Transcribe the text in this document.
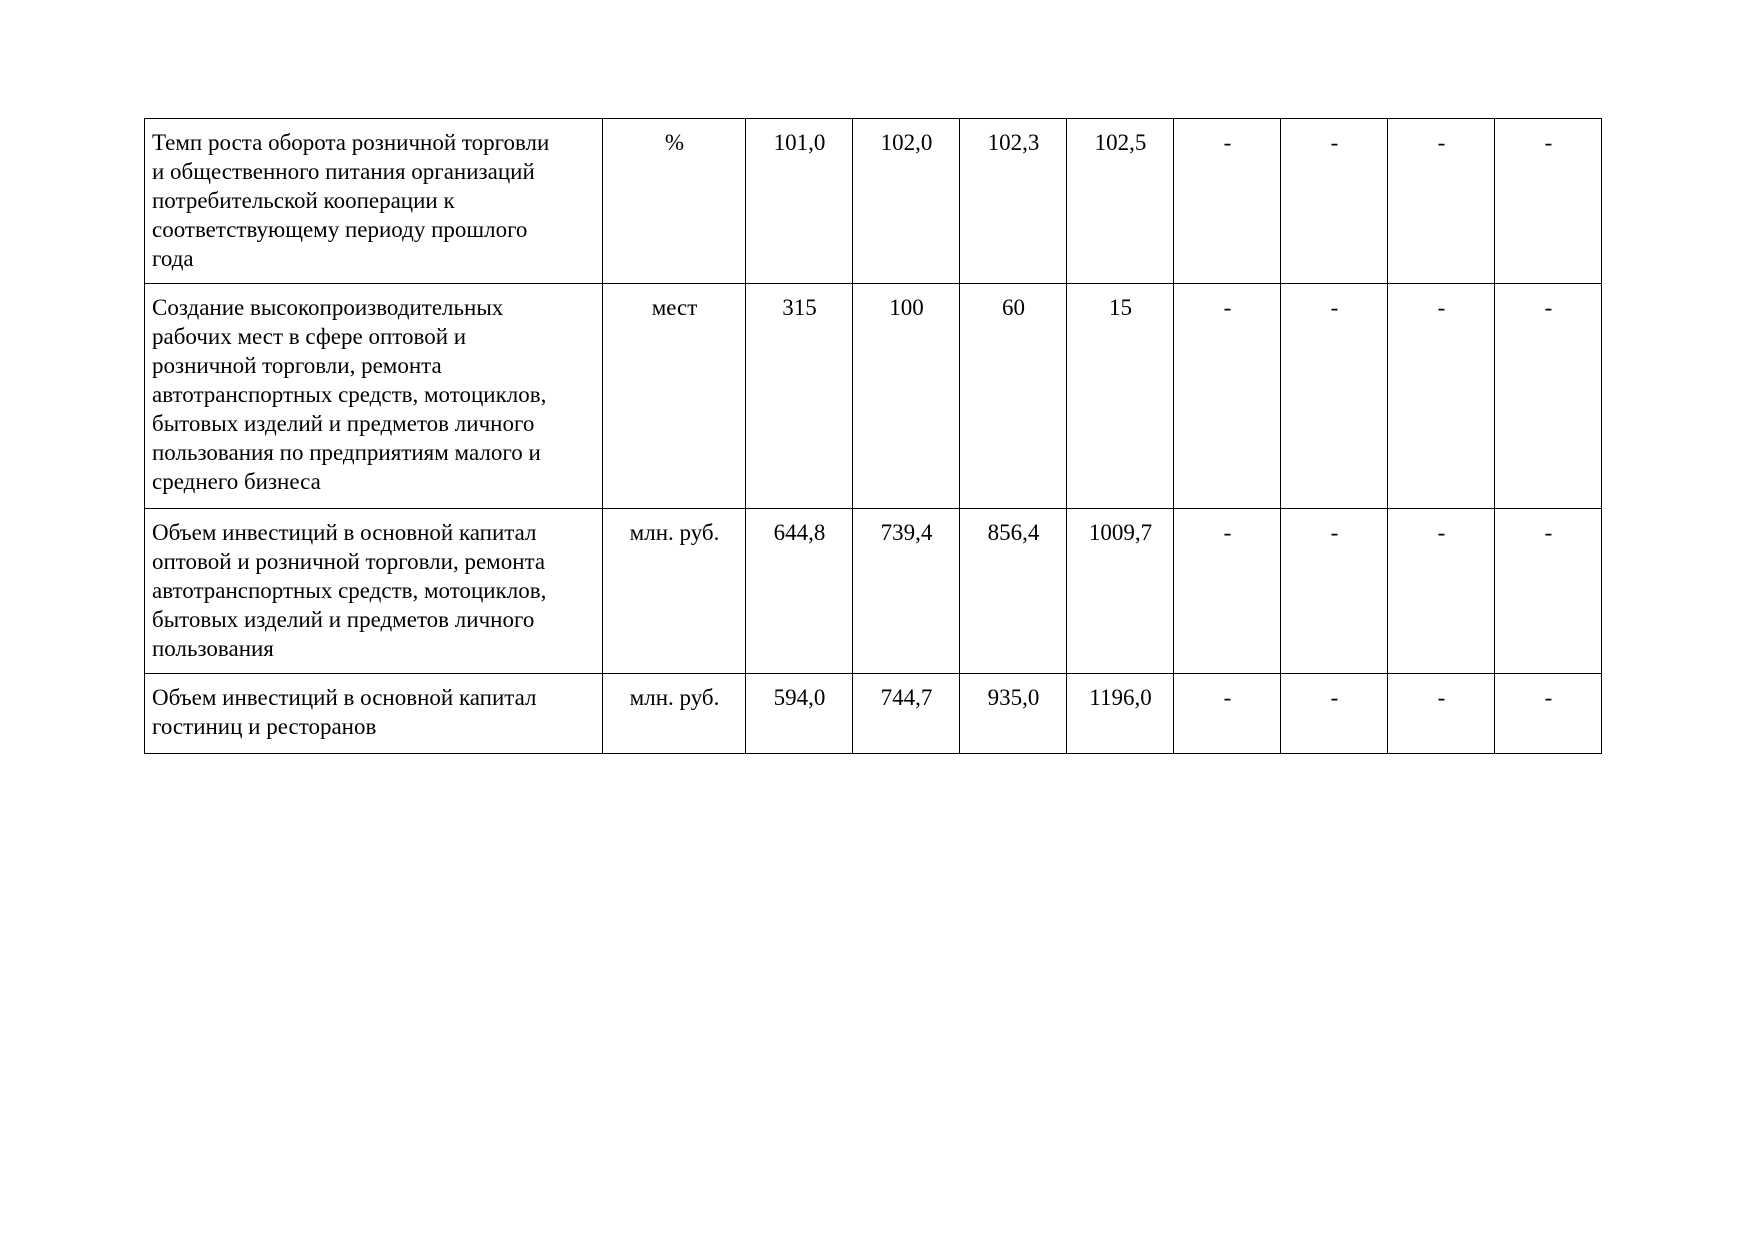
Темп роста оборота розничной торговли
и общественного питания организаций
потребительской кооперации к
соответствующему периоду прошлого
года	%	101,0	102,0	102,3	102,5	-	-	-	-

Создание высокопроизводительных
рабочих мест в сфере оптовой и
розничной торговли, ремонта
автотранспортных средств, мотоциклов,
бытовых изделий и предметов личного
пользования по предприятиям малого и
среднего бизнеса
	мест	315	100	60	15	-	-	-	-

Объем инвестиций в основной капитал
оптовой и розничной торговли, ремонта
автотранспортных средств, мотоциклов,
бытовых изделий и предметов личного
пользования	млн. руб.	644,8	739,4	856,4	1009,7	-	-	-	-

Объем инвестиций в основной капитал
гостиниц и ресторанов	млн. руб.	594,0	744,7	935,0	1196,0	-	-	-	-
